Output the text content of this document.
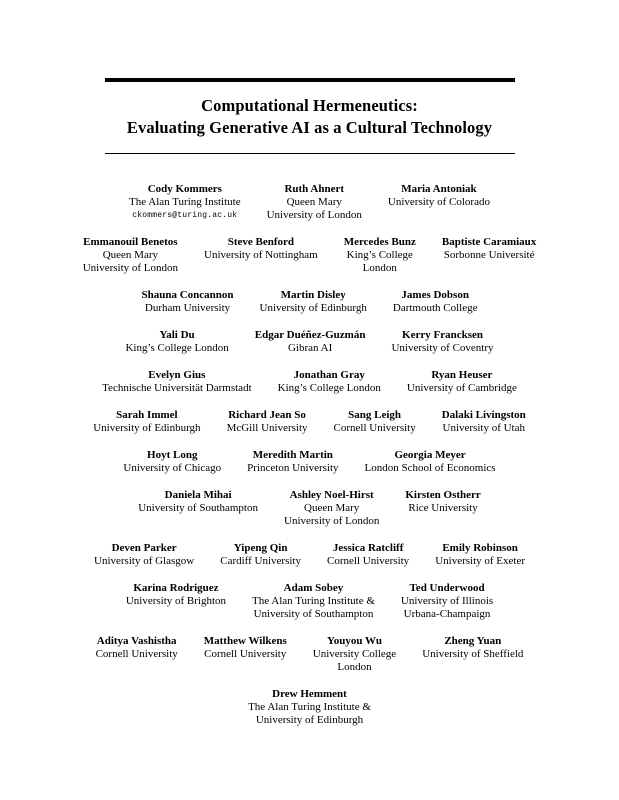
Computational Hermeneutics:
Evaluating Generative AI as a Cultural Technology
Cody Kommers
The Alan Turing Institute
ckommers@turing.ac.uk
Ruth Ahnert
Queen Mary
University of London
Maria Antoniak
University of Colorado
Emmanouil Benetos
Queen Mary
University of London
Steve Benford
University of Nottingham
Mercedes Bunz
King’s College
London
Baptiste Caramiaux
Sorbonne Université
Shauna Concannon
Durham University
Martin Disley
University of Edinburgh
James Dobson
Dartmouth College
Yali Du
King’s College London
Edgar Duéñez-Guzmán
Gibran AI
Kerry Francksen
University of Coventry
Evelyn Gius
Technische Universität Darmstadt
Jonathan Gray
King’s College London
Ryan Heuser
University of Cambridge
Sarah Immel
University of Edinburgh
Richard Jean So
McGill University
Sang Leigh
Cornell University
Dalaki Livingston
University of Utah
Hoyt Long
University of Chicago
Meredith Martin
Princeton University
Georgia Meyer
London School of Economics
Daniela Mihai
University of Southampton
Ashley Noel-Hirst
Queen Mary
University of London
Kirsten Ostherr
Rice University
Deven Parker
University of Glasgow
Yipeng Qin
Cardiff University
Jessica Ratcliff
Cornell University
Emily Robinson
University of Exeter
Karina Rodriguez
University of Brighton
Adam Sobey
The Alan Turing Institute &
University of Southampton
Ted Underwood
University of Illinois
Urbana-Champaign
Aditya Vashistha
Cornell University
Matthew Wilkens
Cornell University
Youyou Wu
University College
London
Zheng Yuan
University of Sheffield
Drew Hemment
The Alan Turing Institute &
University of Edinburgh
